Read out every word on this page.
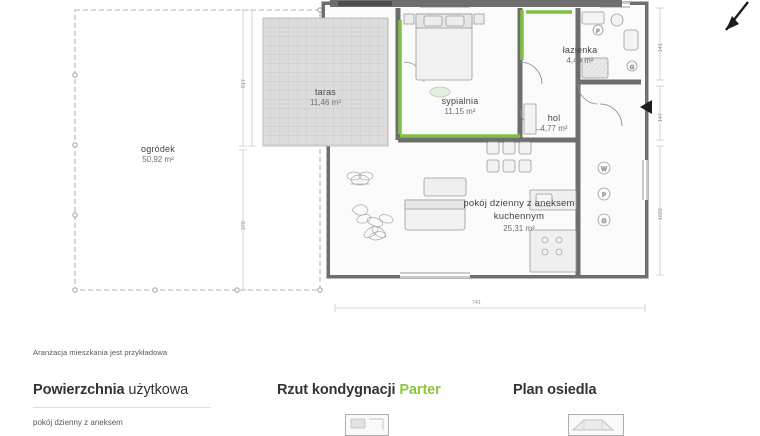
W
P
G
P
G
ogródek
50,92 m²
taras
11,46 m²	sypialnia
11,15 m²
łazienka
4,49 m²
hol
4,77 m²
pokój dzienny z aneksem
kuchennym
25,31 m²
517
378
741
141
147
1022
Aranżacja mieszkania jest przykładowa
Powierzchnia użytkowa
pokój dzienny z aneksem
Rzut kondygnacji Parter	Plan osiedla
